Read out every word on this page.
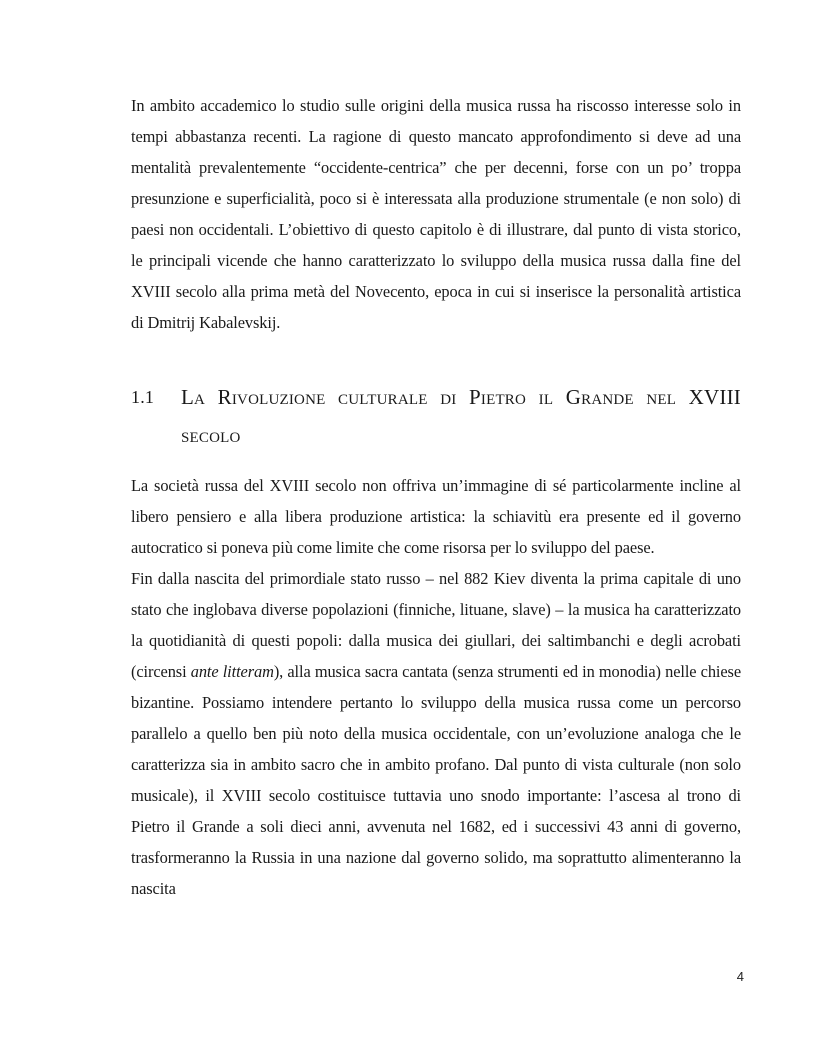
In ambito accademico lo studio sulle origini della musica russa ha riscosso interesse solo in tempi abbastanza recenti. La ragione di questo mancato approfondimento si deve ad una mentalità prevalentemente “occidente-centrica” che per decenni, forse con un po’ troppa presunzione e superficialità, poco si è interessata alla produzione strumentale (e non solo) di paesi non occidentali. L’obiettivo di questo capitolo è di illustrare, dal punto di vista storico, le principali vicende che hanno caratterizzato lo sviluppo della musica russa dalla fine del XVIII secolo alla prima metà del Novecento, epoca in cui si inserisce la personalità artistica di Dmitrij Kabalevskij.

1.1	La Rivoluzione culturale di Pietro il Grande nel XVIII secolo

La società russa del XVIII secolo non offriva un’immagine di sé particolarmente incline al libero pensiero e alla libera produzione artistica: la schiavitù era presente ed il governo autocratico si poneva più come limite che come risorsa per lo sviluppo del paese.

Fin dalla nascita del primordiale stato russo – nel 882 Kiev diventa la prima capitale di uno stato che inglobava diverse popolazioni (finniche, lituane, slave) – la musica ha caratterizzato la quotidianità di questi popoli: dalla musica dei giullari, dei saltimbanchi e degli acrobati (circensi ante litteram), alla musica sacra cantata (senza strumenti ed in monodia) nelle chiese bizantine. Possiamo intendere pertanto lo sviluppo della musica russa come un percorso parallelo a quello ben più noto della musica occidentale, con un’evoluzione analoga che le caratterizza sia in ambito sacro che in ambito profano. Dal punto di vista culturale (non solo musicale), il XVIII secolo costituisce tuttavia uno snodo importante: l’ascesa al trono di Pietro il Grande a soli dieci anni, avvenuta nel 1682, ed i successivi 43 anni di governo, trasformeranno la Russia in una nazione dal governo solido, ma soprattutto alimenteranno la nascita

4
